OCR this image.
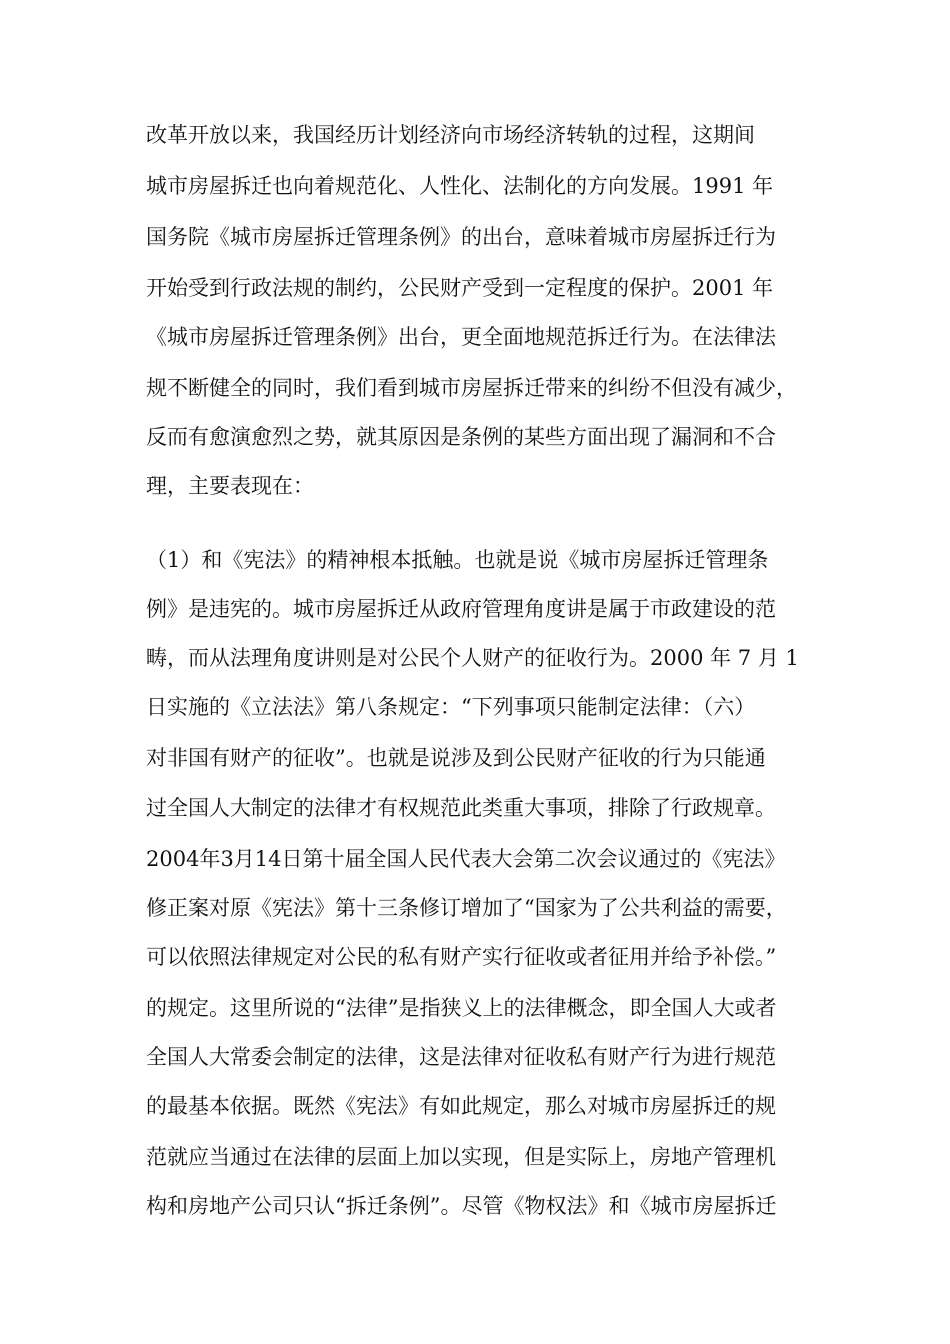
改革开放以来，我国经历计划经济向市场经济转轨的过程，这期间
城市房屋拆迁也向着规范化、人性化、法制化的方向发展。1991 年
国务院《城市房屋拆迁管理条例》的出台，意味着城市房屋拆迁行为
开始受到行政法规的制约，公民财产受到一定程度的保护。2001 年
《城市房屋拆迁管理条例》出台，更全面地规范拆迁行为。在法律法
规不断健全的同时，我们看到城市房屋拆迁带来的纠纷不但没有减少，
反而有愈演愈烈之势，就其原因是条例的某些方面出现了漏洞和不合
理，主要表现在：
（1）和《宪法》的精神根本抵触。也就是说《城市房屋拆迁管理条
例》是违宪的。城市房屋拆迁从政府管理角度讲是属于市政建设的范
畴，而从法理角度讲则是对公民个人财产的征收行为。2000 年 7 月 1
日实施的《立法法》第八条规定：“下列事项只能制定法律：（六）
对非国有财产的征收”。也就是说涉及到公民财产征收的行为只能通
过全国人大制定的法律才有权规范此类重大事项，排除了行政规章。
2004年3月14日第十届全国人民代表大会第二次会议通过的《宪法》
修正案对原《宪法》第十三条修订增加了“国家为了公共利益的需要，
可以依照法律规定对公民的私有财产实行征收或者征用并给予补偿。”
的规定。这里所说的“法律”是指狭义上的法律概念，即全国人大或者
全国人大常委会制定的法律，这是法律对征收私有财产行为进行规范
的最基本依据。既然《宪法》有如此规定，那么对城市房屋拆迁的规
范就应当通过在法律的层面上加以实现，但是实际上，房地产管理机
构和房地产公司只认“拆迁条例”。尽管《物权法》和《城市房屋拆迁
